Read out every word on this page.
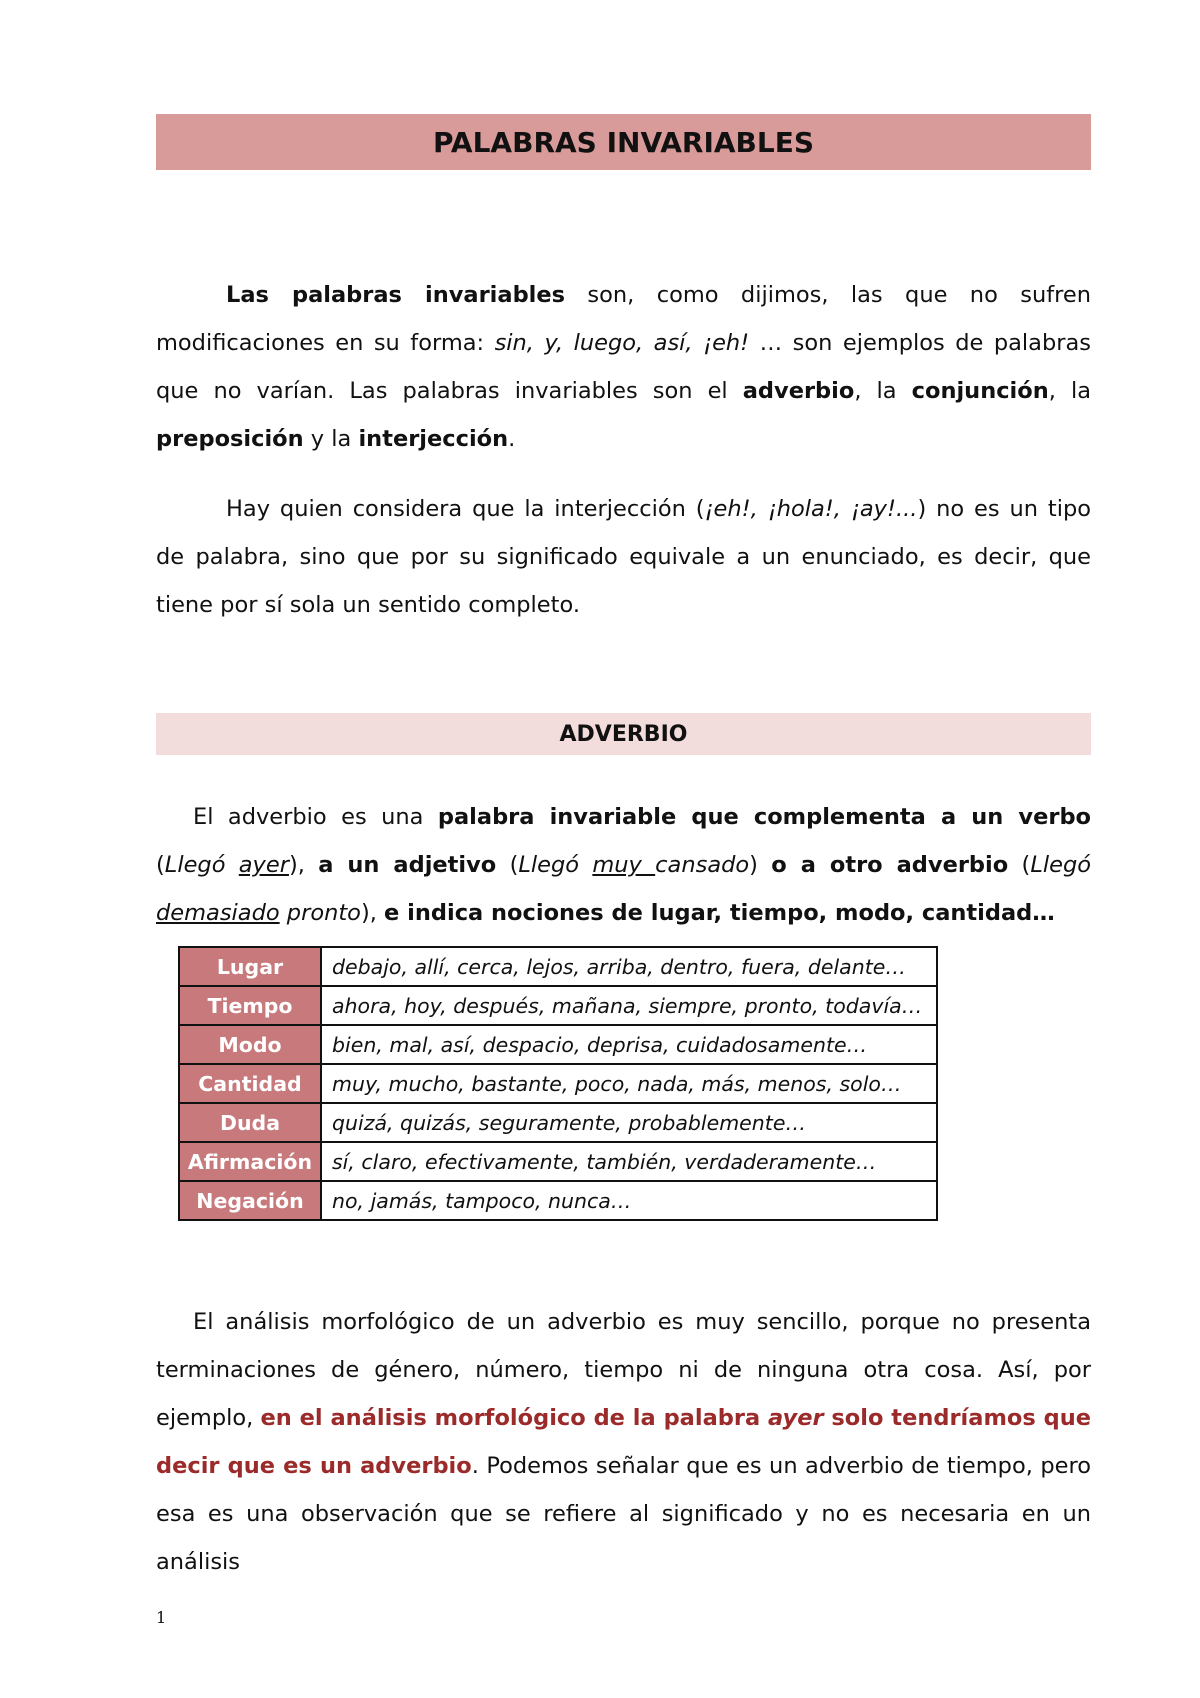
PALABRAS INVARIABLES
Las palabras invariables son, como dijimos, las que no sufren modificaciones en su forma: sin, y, luego, así, ¡eh! … son ejemplos de palabras que no varían. Las palabras invariables son el adverbio, la conjunción, la preposición y la interjección.
Hay quien considera que la interjección (¡eh!, ¡hola!, ¡ay!...) no es un tipo de palabra, sino que por su significado equivale a un enunciado, es decir, que tiene por sí sola un sentido completo.
ADVERBIO
El adverbio es una palabra invariable que complementa a un verbo (Llegó ayer), a un adjetivo (Llegó muy cansado) o a otro adverbio (Llegó demasiado pronto), e indica nociones de lugar, tiempo, modo, cantidad…
Lugar	debajo, allí, cerca, lejos, arriba, dentro, fuera, delante…
Tiempo	ahora, hoy, después, mañana, siempre, pronto, todavía…
Modo	bien, mal, así, despacio, deprisa, cuidadosamente…
Cantidad	muy, mucho, bastante, poco, nada, más, menos, solo…
Duda	quizá, quizás, seguramente, probablemente…
Afirmación	sí, claro, efectivamente, también, verdaderamente…
Negación	no, jamás, tampoco, nunca…
El análisis morfológico de un adverbio es muy sencillo, porque no presenta terminaciones de género, número, tiempo ni de ninguna otra cosa. Así, por ejemplo, en el análisis morfológico de la palabra ayer solo tendríamos que decir que es un adverbio. Podemos señalar que es un adverbio de tiempo, pero esa es una observación que se refiere al significado y no es necesaria en un análisis
1
